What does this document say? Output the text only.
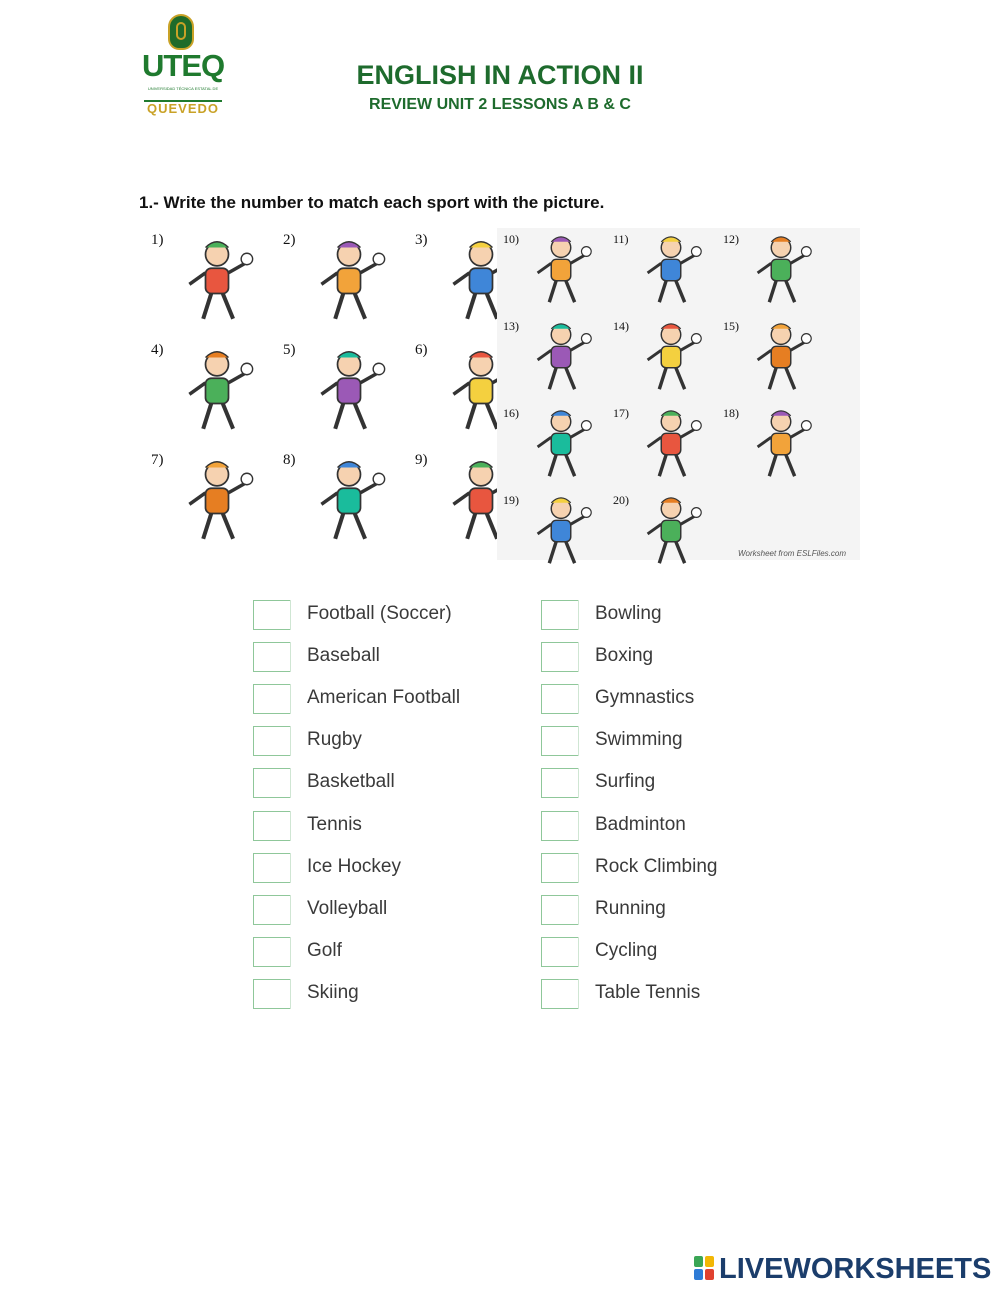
UTEQ
UNIVERSIDAD TÉCNICA ESTATAL DE
QUEVEDO
ENGLISH IN ACTION II
REVIEW UNIT 2 LESSONS A B & C
1.- Write the number to match each sport with the picture.
1)	2)	3)
4)	5)	6)
7)	8)	9)
Worksheet from ESLFiles.com
10)	11)	12)
13)	14)	15)
16)	17)	18)
19)	20)
Football (Soccer)
Baseball
American Football
Rugby
Basketball
Tennis
Ice Hockey
Volleyball
Golf
Skiing
Bowling
Boxing
Gymnastics
Swimming
Surfing
Badminton
Rock Climbing
Running
Cycling
Table Tennis
LIVEWORKSHEETS
